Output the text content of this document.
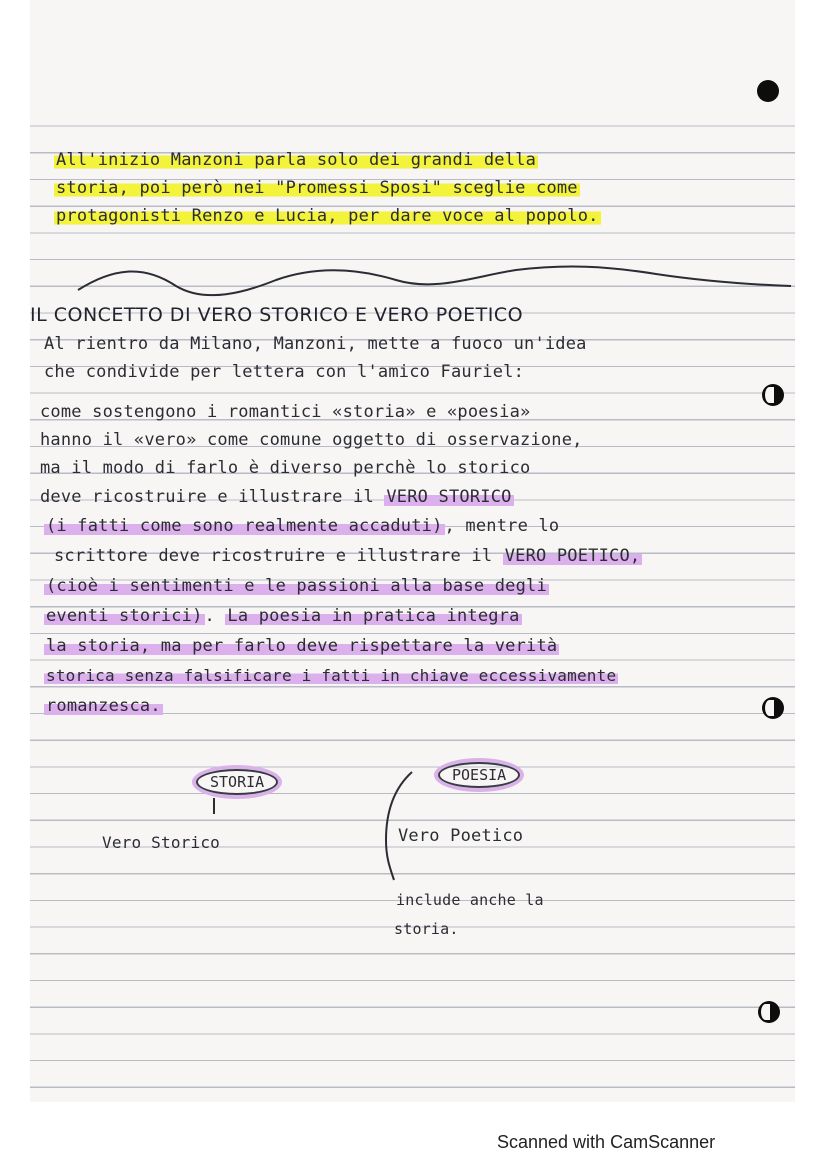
All'inizio Manzoni parla solo dei grandi della

storia, poi però nei "Promessi Sposi" sceglie come

protagonisti Renzo e Lucia, per dare voce al popolo.

IL CONCETTO DI VERO STORICO E VERO POETICO

Al rientro da Milano, Manzoni, mette a fuoco un'idea

che condivide per lettera con l'amico Fauriel:

come sostengono i romantici «storia» e «poesia»

hanno il «vero» come comune oggetto di osservazione,

ma il modo di farlo è diverso perchè lo storico

deve ricostruire e illustrare il VERO STORICO

(i fatti come sono realmente accaduti) , mentre lo

scrittore deve ricostruire e illustrare il VERO POETICO,

(cioè i sentimenti e le passioni alla base degli

eventi storici) . La poesia in pratica integra

la storia, ma per farlo deve rispettare la verità

storica senza falsificare i fatti in chiave eccessivamente

romanzesca.

STORIA	POESIA

Vero Storico	Vero Poetico

include anche la

storia.

Scanned with CamScanner
